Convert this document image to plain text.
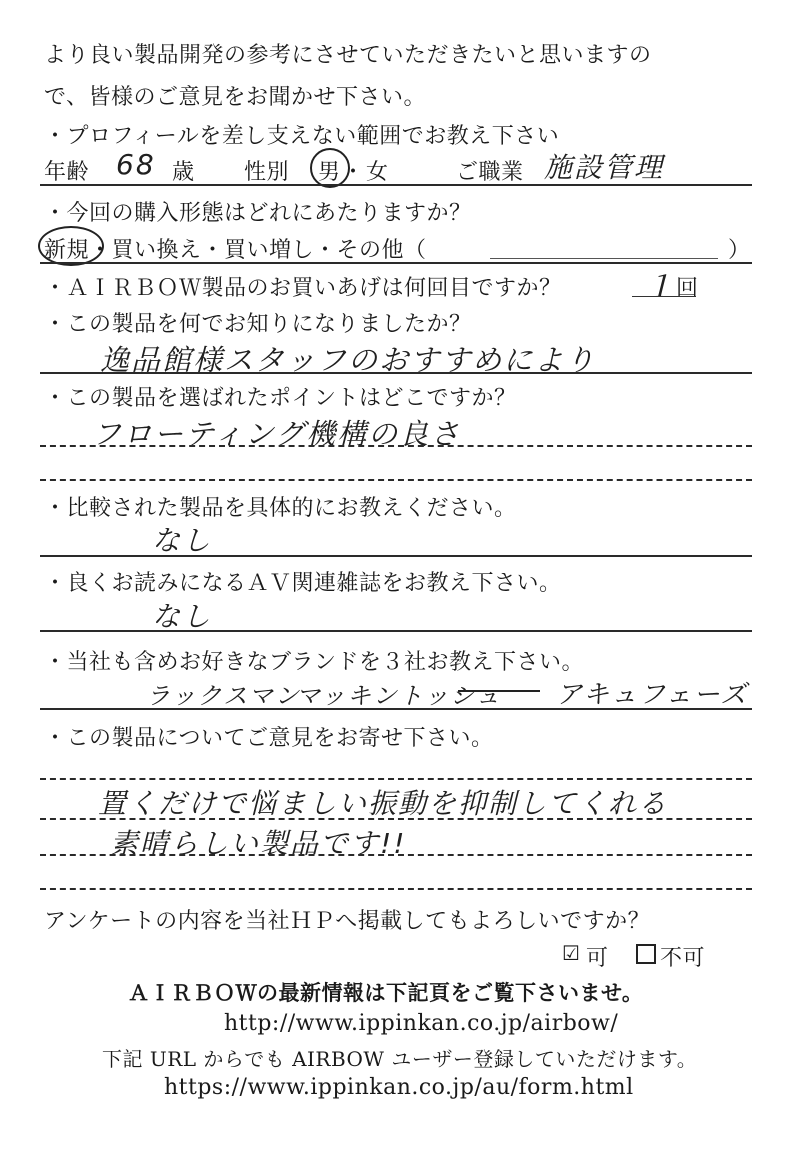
より良い製品開発の参考にさせていただきたいと思いますの
で、皆様のご意見をお聞かせ下さい。
・プロフィールを差し支えない範囲でお教え下さい
年齢 68 歳 性別 男 ・ 女	ご職業 施設管理
・今回の購入形態はどれにあたりますか？
新規・買い換え・買い増し・その他（	）
・ＡＩＲＢＯＷ製品のお買いあげは何回目ですか？	１ 回
・この製品を何でお知りになりましたか？
逸品館様スタッフのおすすめにより
・この製品を選ばれたポイントはどこですか？
フローティング機構の良さ
・比較された製品を具体的にお教えください。
なし
・良くお読みになるＡＶ関連雑誌をお教え下さい。
なし
・当社も含めお好きなブランドを３社お教え下さい。
ラックスマン
マッキントッシュ アキュフェーズ
・この製品についてご意見をお寄せ下さい。
置くだけで悩ましい振動を抑制してくれる
素晴らしい製品です!!
アンケートの内容を当社ＨＰへ掲載してもよろしいですか？
☑ 可 不可
ＡＩＲＢＯＷの最新情報は下記頁をご覧下さいませ。
http://www.ippinkan.co.jp/airbow/
下記 URL からでも AIRBOW ユーザー登録していただけます。
https://www.ippinkan.co.jp/au/form.html
